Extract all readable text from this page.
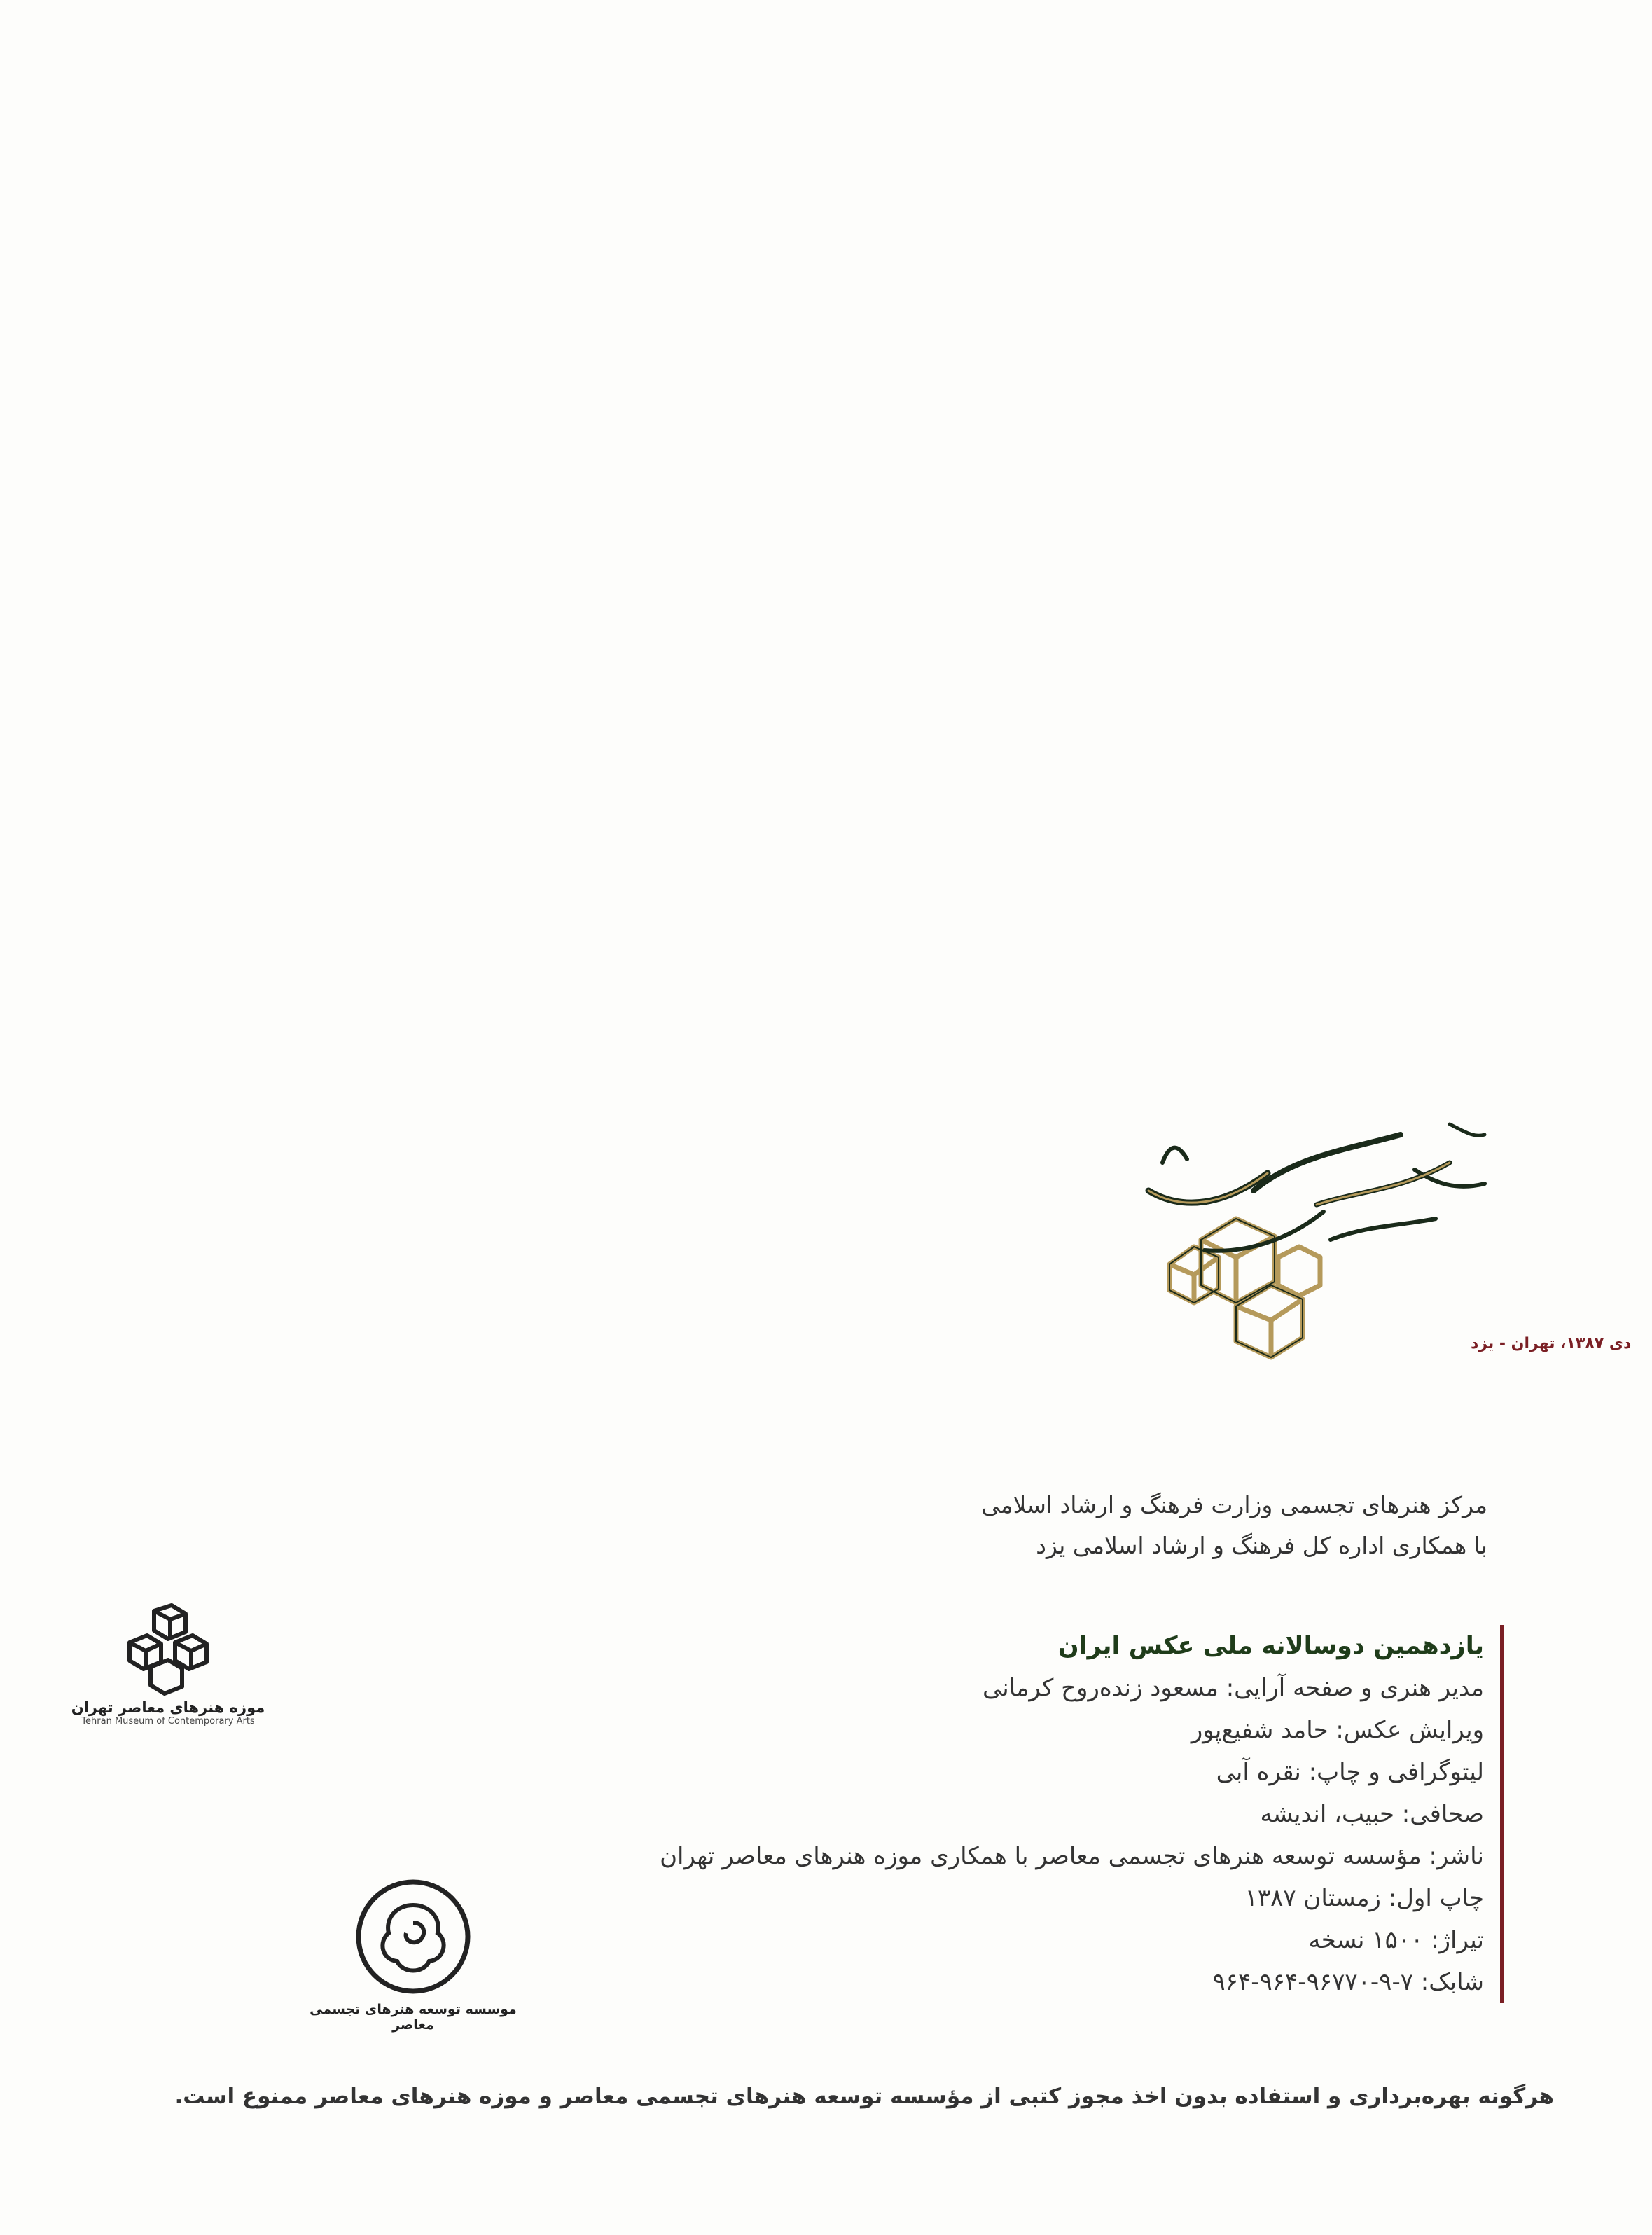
دی ۱۳۸۷، تهران - یزد
مرکز هنرهای تجسمی وزارت فرهنگ و ارشاد اسلامی
با همکاری اداره کل فرهنگ و ارشاد اسلامی یزد
یازدهمین دوسالانه ملی عکس ایران
مدیر هنری و صفحه آرایی: مسعود زنده‌روح کرمانی
ویرایش عکس: حامد شفیع‌پور
لیتوگرافی و چاپ: نقره آبی
صحافی: حبیب، اندیشه
ناشر: مؤسسه توسعه هنرهای تجسمی معاصر با همکاری موزه هنرهای معاصر تهران
چاپ اول: زمستان ۱۳۸۷
تیراژ: ۱۵۰۰ نسخه
شابک: ۷-۹-۹۶۷۷۰-۹۶۴-۹۶۴
موسسه توسعه هنرهای تجسمی معاصر
موزه هنرهای معاصر تهران
Tehran Museum of Contemporary Arts
هرگونه بهره‌برداری و استفاده بدون اخذ مجوز کتبی از مؤسسه توسعه هنرهای تجسمی معاصر و موزه هنرهای معاصر ممنوع است.
